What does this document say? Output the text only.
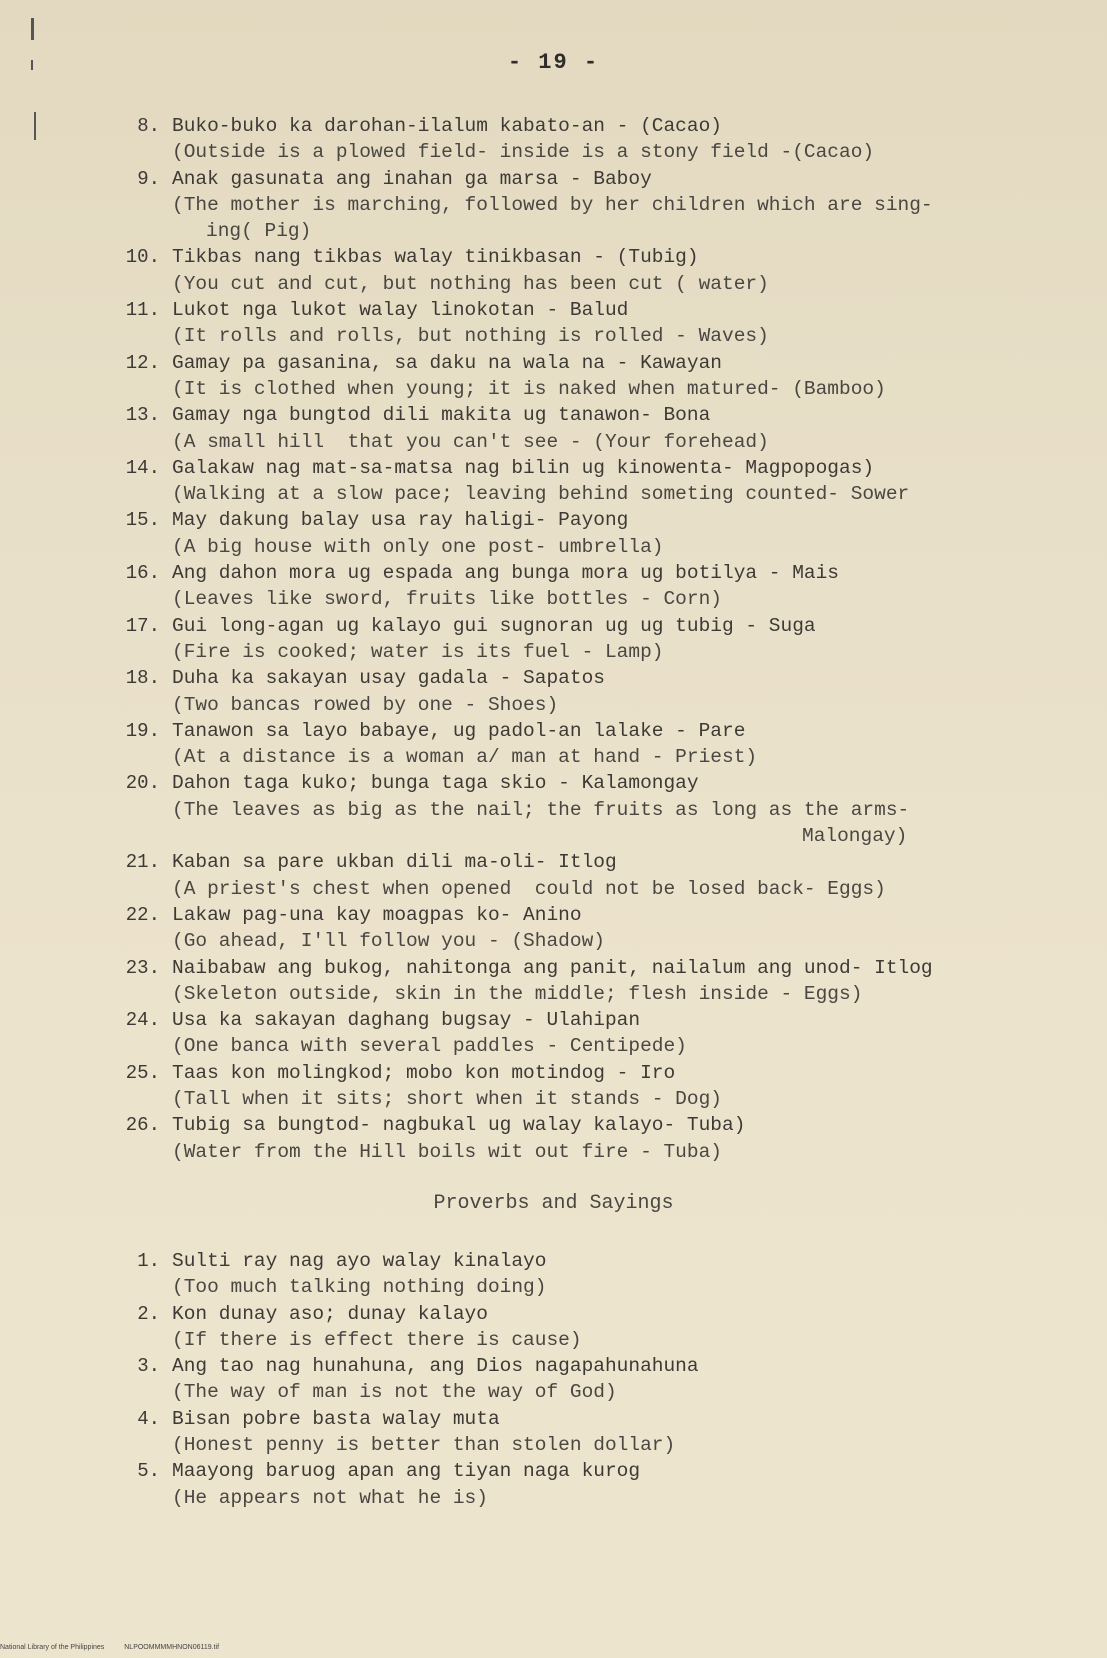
- 19 -
8. Buko-buko ka darohan-ilalum kabato-an - (Cacao)
(Outside is a plowed field- inside is a stony field -(Cacao)
9. Anak gasunata ang inahan ga marsa - Baboy
(The mother is marching, followed by her children which are sing-
ing( Pig)
10. Tikbas nang tikbas walay tinikbasan - (Tubig)
(You cut and cut, but nothing has been cut ( water)
11. Lukot nga lukot walay linokotan - Balud
(It rolls and rolls, but nothing is rolled - Waves)
12. Gamay pa gasanina, sa daku na wala na - Kawayan
(It is clothed when young; it is naked when matured- (Bamboo)
13. Gamay nga bungtod dili makita ug tanawon- Bona
(A small hill  that you can't see - (Your forehead)
14. Galakaw nag mat-sa-matsa nag bilin ug kinowenta- Magpopogas)
(Walking at a slow pace; leaving behind someting counted- Sower
15. May dakung balay usa ray haligi- Payong
(A big house with only one post- umbrella)
16. Ang dahon mora ug espada ang bunga mora ug botilya - Mais
(Leaves like sword, fruits like bottles - Corn)
17. Gui long-agan ug kalayo gui sugnoran ug ug tubig - Suga
(Fire is cooked; water is its fuel - Lamp)
18. Duha ka sakayan usay gadala - Sapatos
(Two bancas rowed by one - Shoes)
19. Tanawon sa layo babaye, ug padol-an lalake - Pare
(At a distance is a woman a/ man at hand - Priest)
20. Dahon taga kuko; bunga taga skio - Kalamongay
(The leaves as big as the nail; the fruits as long as the arms-
Malongay)
21. Kaban sa pare ukban dili ma-oli- Itlog
(A priest's chest when opened  could not be losed back- Eggs)
22. Lakaw pag-una kay moagpas ko- Anino
(Go ahead, I'll follow you - (Shadow)
23. Naibabaw ang bukog, nahitonga ang panit, nailalum ang unod- Itlog
(Skeleton outside, skin in the middle; flesh inside - Eggs)
24. Usa ka sakayan daghang bugsay - Ulahipan
(One banca with several paddles - Centipede)
25. Taas kon molingkod; mobo kon motindog - Iro
(Tall when it sits; short when it stands - Dog)
26. Tubig sa bungtod- nagbukal ug walay kalayo- Tuba)
(Water from the Hill boils wit out fire - Tuba)
Proverbs and Sayings
1. Sulti ray nag ayo walay kinalayo
(Too much talking nothing doing)
2. Kon dunay aso; dunay kalayo
(If there is effect there is cause)
3. Ang tao nag hunahuna, ang Dios nagapahunahuna
(The way of man is not the way of God)
4. Bisan pobre basta walay muta
(Honest penny is better than stolen dollar)
5. Maayong baruog apan ang tiyan naga kurog
(He appears not what he is)
National Library of the Philippines	NLPOOMMMMHNON06119.tif
